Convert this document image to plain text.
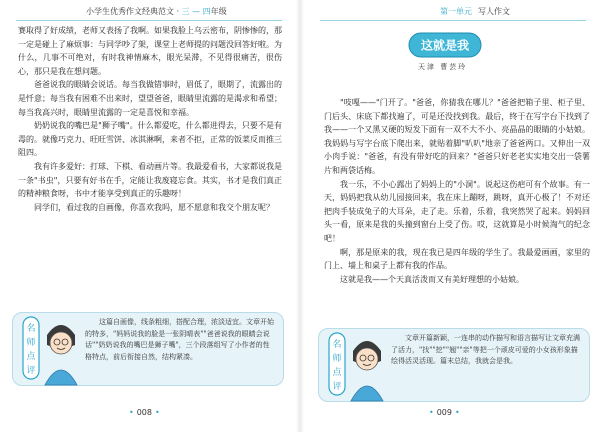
小学生优秀作文经典范文 · 三 — 四年级

赛取得了好成绩，老师又表扬了我啊。如果我脸上乌云密布，阴惨惨的，那一定是碰上了麻烦事：与同学吵了架，课堂上老师提的问题没回答好啦。为什么，几事不可绝对，有时我神情麻木，眼光呆滞，不见得很痛苦，很伤心，那只是我在想问题。

爸爸说我的眼睛会说话。每当我做错事时，眉低了，眼期了，流露出的是忏意；每当我有困难不出来时，望望爸爸，眼睛里流露的是渴求和希望；每当我高兴时，眼睛里流露的一定是喜悦和幸福。

奶奶说我的嘴巴是"狮子嘴"。什么都爱吃，什么都进得去，只要不是有毒的。就像巧克力、旺旺雪饼、冰淇淋啊，来者不拒，正常的饭菜反而推三阻四。

我有许多爱好：打球、下棋、看动画片等。我最爱看书，大家都说我是一条"书虫"，只要有好书在手，定能让我废寝忘食。其实，书才是我们真正的精神粮食呀，书中才能享受到真正的乐趣呀！

同学们，看过我的自画像，你喜欢我吗，愿不愿意和我交个朋友呢？

名
师
点
评

这篇自画像，线条粗细，搭配合理，浓淡适宜。文章开始的特多，"妈妈说我的脸是一张阴晴表""爸爸说我的眼睛会说话""奶奶说我的嘴巴是狮子嘴"，三个段落组写了小作者的性格特点，前后衔接自然，结构紧凑。

• 008 •
第一单元 写人作文
这就是我
天津 曹芸玲

"吱嘎——"门开了。"爸爸，你猜我在哪儿？"爸爸把箱子里、柜子里、门后头、床底下都找遍了，可是还没找到我。最后，终于在写字台下找到了我——一个又黑又硬的短发下面有一双不大不小、亮晶晶的眼睛的小姑娘。我妈妈与写字台底下爬出来，就贴着脚"叭叭"地亲了爸爸两口。又伸出一双小肉手说："爸爸，有没有带好吃的回来？"爸爸只好老老实实地交出一袋薯片和两袋话梅。

我一乐，不小心露出了妈妈上的"小洞"。说起这伤疤可有个故事。有一天，妈妈把我从幼儿园接回来，我在床上蹦呀，跳呀，真开心极了！不对还把肉手装成兔子的大耳朵，走了走。乐着，乐着，我突然哭了起来。妈妈回头一看，原来是我的头撞到窗台上受了伤。哎，这就算是小时候淘气的纪念吧！

啊，那是原来的我，现在我已是四年级的学生了。我最爱画画，家里的门上、墙上和桌子上都有我的作品。

这就是我——个天真活泼而又有美好理想的小姑娘。

名
师
点
评

文章开篇新颖，一连串的动作描写和语言描写让文章充满了活力，"找""挖""翘""亲"等把一个顽皮可爱的小女孩形象描绘得活灵活现。篇末总结，我就会是我。

• 009 •
